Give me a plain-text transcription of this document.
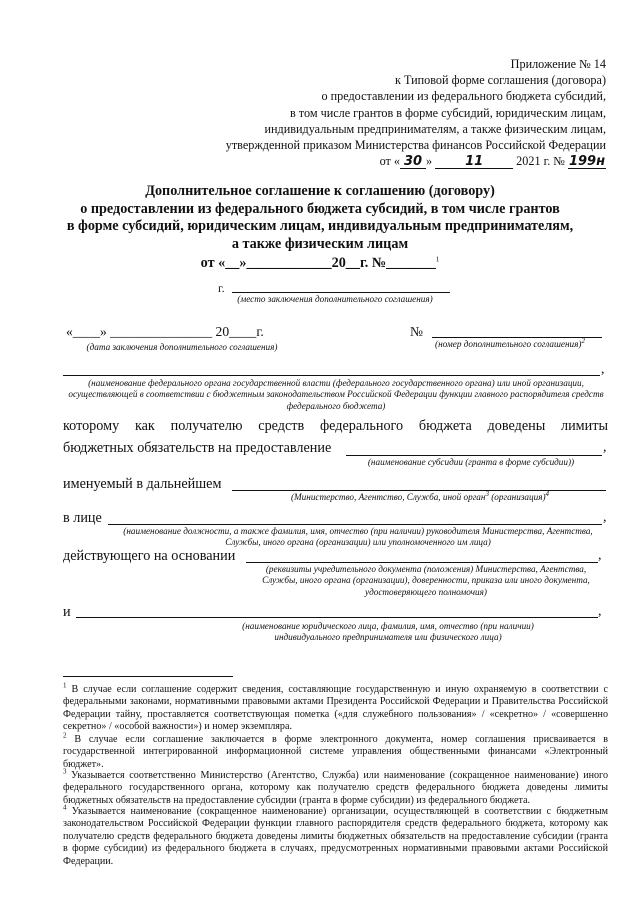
Приложение № 14
к Типовой форме соглашения (договора)
о предоставлении из федерального бюджета субсидий,
в том числе грантов в форме субсидий, юридическим лицам,
индивидуальным предпринимателям, а также физическим лицам,
утвержденной приказом Министерства финансов Российской Федерации
от « 30 »	11	2021 г. № 199н
Дополнительное соглашение к соглашению (договору)
о предоставлении из федерального бюджета субсидий, в том числе грантов
в форме субсидий, юридическим лицам, индивидуальным предпринимателям,
а также физическим лицам
от «__»____________20__г. №_______$^1$
г.
(место заключения дополнительного соглашения)
«____» _______________ 20____г.
(дата заключения дополнительного соглашения)
№
(номер дополнительного соглашения)$^2$
,
(наименование федерального органа государственной власти (федерального государственного органа) или иной организации, осуществляющей в соответствии с бюджетным законодательством Российской Федерации функции главного распорядителя средств федерального бюджета)
которому как получателю средств федерального бюджета доведены лимиты
бюджетных обязательств на предоставление	,
(наименование субсидии (гранта в форме субсидии))
именуемый в дальнейшем
(Министерство, Агентство, Служба, иной орган$^3$ (организация)$^4$
в лице	,
(наименование должности, а также фамилия, имя, отчество (при наличии) руководителя Министерства, Агентства, Службы, иного органа (организации) или уполномоченного им лица)
действующего на основании	,
(реквизиты учредительного документа (положения) Министерства, Агентства, Службы, иного органа (организации), доверенности, приказа или иного документа, удостоверяющего полномочия)
и	,
(наименование юридического лица, фамилия, имя, отчество (при наличии) индивидуального предпринимателя или физического лица)
$^1$ В случае если соглашение содержит сведения, составляющие государственную и иную охраняемую в соответствии с федеральными законами, нормативными правовыми актами Президента Российской Федерации и Правительства Российской Федерации тайну, проставляется соответствующая пометка («для служебного пользования» / «секретно» / «совершенно секретно» / «особой важности») и номер экземпляра.
$^2$ В случае если соглашение заключается в форме электронного документа, номер соглашения присваивается в государственной интегрированной информационной системе управления общественными финансами «Электронный бюджет».
$^3$ Указывается соответственно Министерство (Агентство, Служба) или наименование (сокращенное наименование) иного федерального государственного органа, которому как получателю средств федерального бюджета доведены лимиты бюджетных обязательств на предоставление субсидии (гранта в форме субсидии) из федерального бюджета.
$^4$ Указывается наименование (сокращенное наименование) организации, осуществляющей в соответствии с бюджетным законодательством Российской Федерации функции главного распорядителя средств федерального бюджета, которому как получателю средств федерального бюджета доведены лимиты бюджетных обязательств на предоставление субсидии (гранта в форме субсидии) из федерального бюджета в случаях, предусмотренных нормативными правовыми актами Российской Федерации.
